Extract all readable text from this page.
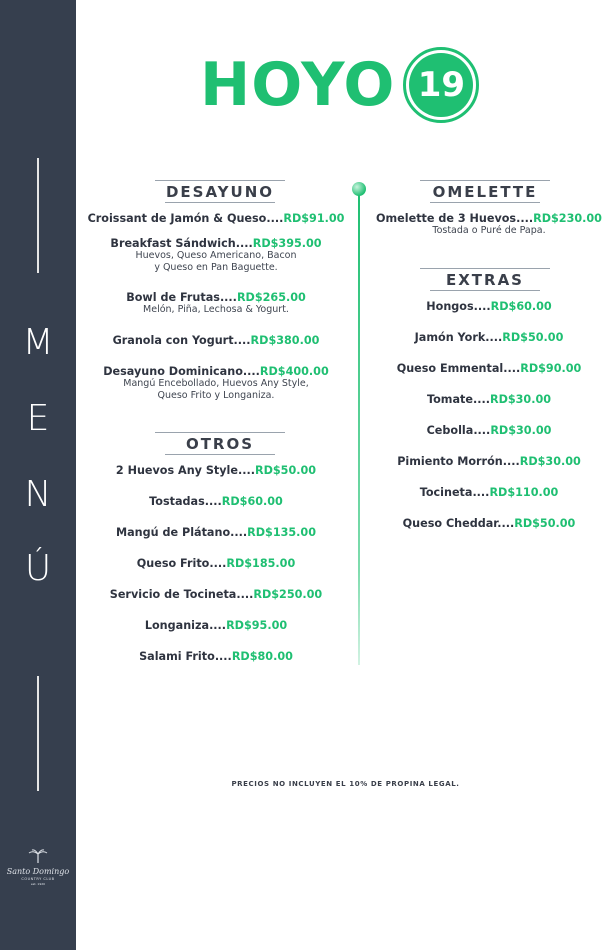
M
E
N
Ú
Santo Domingo
COUNTRY CLUB
est. 1920
HOYO 19
DESAYUNO
Croissant de Jamón & Queso....RD$91.00
Breakfast Sándwich....RD$395.00
Huevos, Queso Americano, Bacon
y Queso en Pan Baguette.
Bowl de Frutas....RD$265.00
Melón, Piña, Lechosa & Yogurt.
Granola con Yogurt....RD$380.00
Desayuno Dominicano....RD$400.00
Mangú Encebollado, Huevos Any Style,
Queso Frito y Longaniza.
OTROS
2 Huevos Any Style....RD$50.00
Tostadas....RD$60.00
Mangú de Plátano....RD$135.00
Queso Frito....RD$185.00
Servicio de Tocineta....RD$250.00
Longaniza....RD$95.00
Salami Frito....RD$80.00
OMELETTE
Omelette de 3 Huevos....RD$230.00
Tostada o Puré de Papa.
EXTRAS
Hongos....RD$60.00
Jamón York....RD$50.00
Queso Emmental....RD$90.00
Tomate....RD$30.00
Cebolla....RD$30.00
Pimiento Morrón....RD$30.00
Tocineta....RD$110.00
Queso Cheddar....RD$50.00
PRECIOS NO INCLUYEN EL 10% DE PROPINA LEGAL.
